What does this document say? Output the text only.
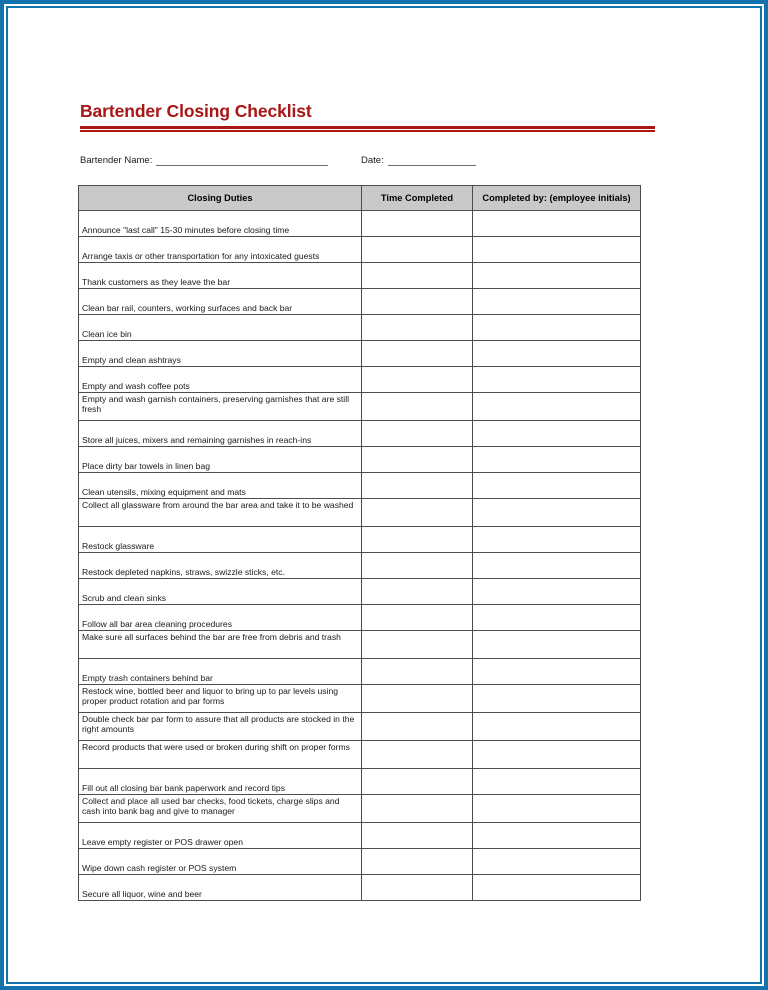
Bartender Closing Checklist
Bartender Name:	Date:
Closing Duties	Time Completed	Completed by: (employee initials)
Announce "last call" 15-30 minutes before closing time		
Arrange taxis or other transportation for any intoxicated guests		
Thank customers as they leave the bar		
Clean bar rail, counters, working surfaces and back bar		
Clean ice bin		
Empty and clean ashtrays		
Empty and wash coffee pots		
Empty and wash garnish containers, preserving garnishes that are still fresh		
Store all juices, mixers and remaining garnishes in reach-ins		
Place dirty bar towels in linen bag		
Clean utensils, mixing equipment and mats		
Collect all glassware from around the bar area and take it to be washed		
Restock glassware		
Restock depleted napkins, straws, swizzle sticks, etc.		
Scrub and clean sinks		
Follow all bar area cleaning procedures		
Make sure all surfaces behind the bar are free from debris and trash		
Empty trash containers behind bar		
Restock wine, bottled beer and liquor to bring up to par levels using proper product rotation and par forms		
Double check bar par form to assure that all products are stocked in the right amounts		
Record products that were used or broken during shift on proper forms		
Fill out all closing bar bank paperwork and record tips		
Collect and place all used bar checks, food tickets, charge slips and cash into bank bag and give to manager		
Leave empty register or POS drawer open		
Wipe down cash register or POS system		
Secure all liquor, wine and beer		
